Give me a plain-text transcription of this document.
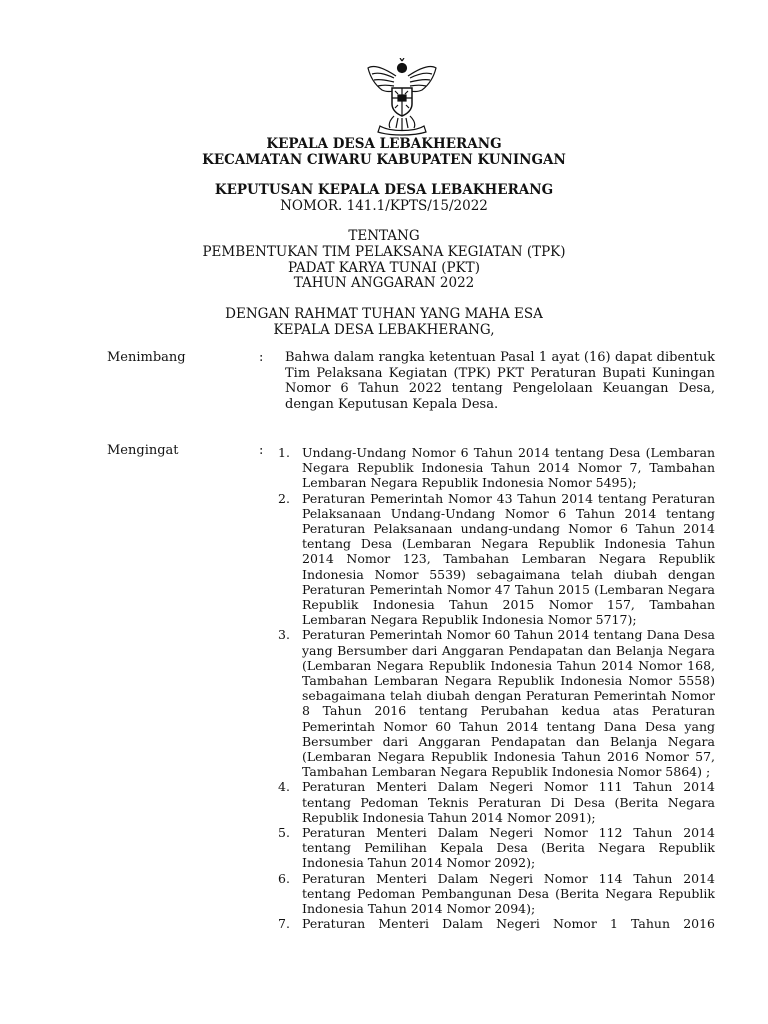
KEPALA DESA LEBAKHERANG
KECAMATAN CIWARU KABUPATEN KUNINGAN
KEPUTUSAN KEPALA DESA LEBAKHERANG
NOMOR. 141.1/KPTS/15/2022
TENTANG
PEMBENTUKAN TIM PELAKSANA KEGIATAN (TPK)
PADAT KARYA TUNAI (PKT)
TAHUN ANGGARAN 2022
DENGAN RAHMAT TUHAN YANG MAHA ESA
KEPALA DESA LEBAKHERANG,
Menimbang	: Bahwa dalam rangka ketentuan Pasal 1 ayat (16) dapat dibentuk Tim Pelaksana Kegiatan (TPK) PKT Peraturan Bupati Kuningan Nomor 6 Tahun 2022 tentang Pengelolaan Keuangan Desa, dengan Keputusan Kepala Desa.

Mengingat	: 1. Undang-Undang Nomor 6 Tahun 2014 tentang Desa (Lembaran Negara Republik Indonesia Tahun 2014 Nomor 7, Tambahan Lembaran Negara Republik Indonesia Nomor 5495);
2. Peraturan Pemerintah Nomor 43 Tahun 2014 tentang Peraturan Pelaksanaan Undang-Undang Nomor 6 Tahun 2014 tentang Peraturan Pelaksanaan undang-undang Nomor 6 Tahun 2014 tentang Desa (Lembaran Negara Republik Indonesia Tahun 2014 Nomor 123, Tambahan Lembaran Negara Republik Indonesia Nomor 5539) sebagaimana telah diubah dengan Peraturan Pemerintah Nomor 47 Tahun 2015 (Lembaran Negara Republik Indonesia Tahun 2015 Nomor 157, Tambahan Lembaran Negara Republik Indonesia Nomor 5717);
3. Peraturan Pemerintah Nomor 60 Tahun 2014 tentang Dana Desa yang Bersumber dari Anggaran Pendapatan dan Belanja Negara (Lembaran Negara Republik Indonesia Tahun 2014 Nomor 168, Tambahan Lembaran Negara Republik Indonesia Nomor 5558) sebagaimana telah diubah dengan Peraturan Pemerintah Nomor 8 Tahun 2016 tentang Perubahan kedua atas Peraturan Pemerintah Nomor 60 Tahun 2014 tentang Dana Desa yang Bersumber dari Anggaran Pendapatan dan Belanja Negara (Lembaran Negara Republik Indonesia Tahun 2016 Nomor 57, Tambahan Lembaran Negara Republik Indonesia Nomor 5864) ;
4. Peraturan Menteri Dalam Negeri Nomor 111 Tahun 2014 tentang Pedoman Teknis Peraturan Di Desa (Berita Negara Republik Indonesia Tahun 2014 Nomor 2091);
5. Peraturan Menteri Dalam Negeri Nomor 112 Tahun 2014 tentang Pemilihan Kepala Desa (Berita Negara Republik Indonesia Tahun 2014 Nomor 2092);
6. Peraturan Menteri Dalam Negeri Nomor 114 Tahun 2014 tentang Pedoman Pembangunan Desa (Berita Negara Republik Indonesia Tahun 2014 Nomor 2094);
7. Peraturan Menteri Dalam Negeri Nomor 1 Tahun 2016
